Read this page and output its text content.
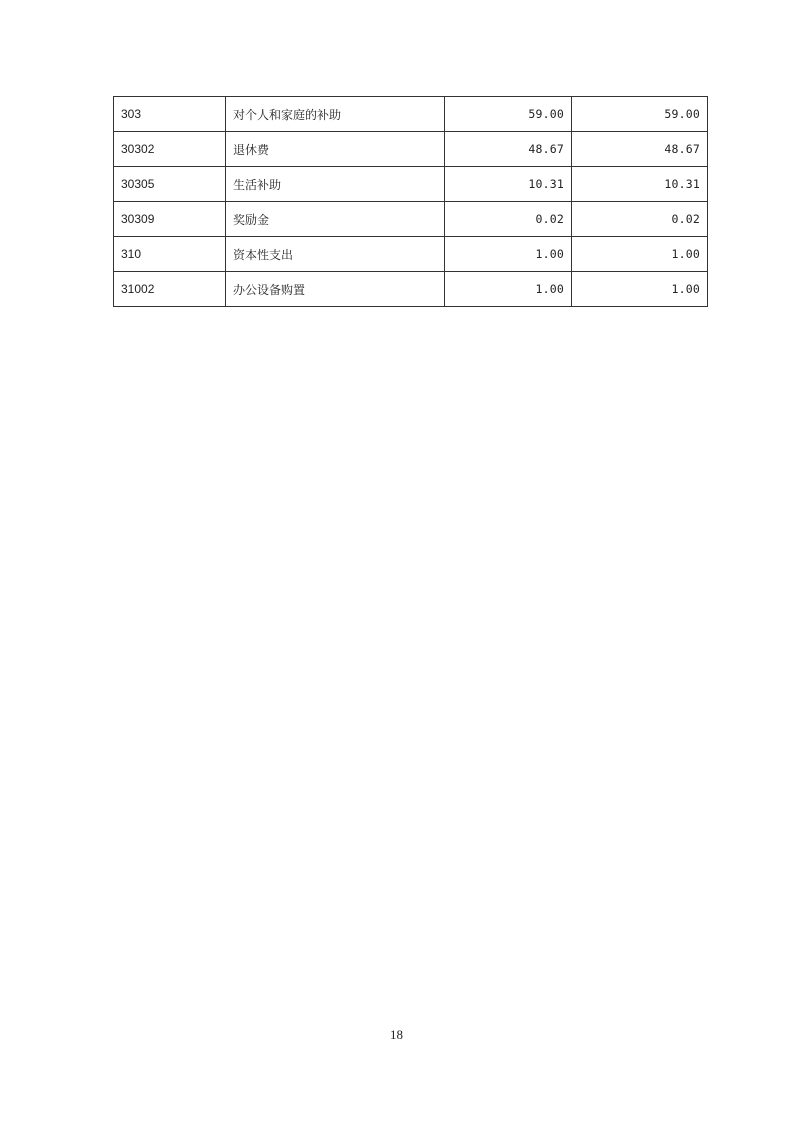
303	对个人和家庭的补助	59.00	59.00
30302	退休费	48.67	48.67
30305	生活补助	10.31	10.31
30309	奖励金	0.02	0.02
310	资本性支出	1.00	1.00
31002	办公设备购置	1.00	1.00
18
